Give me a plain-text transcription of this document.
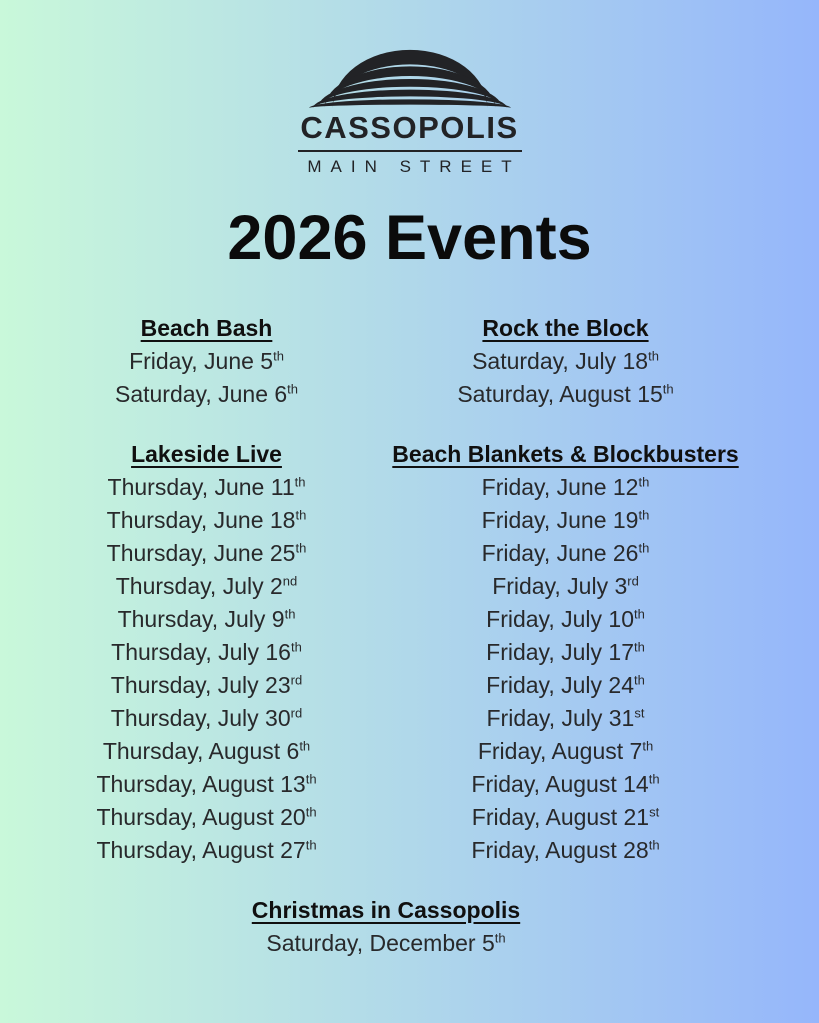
CASSOPOLIS
MAIN STREET
2026 Events
Beach Bash

Friday, June 5th

Saturday, June 6th

Rock the Block

Saturday, July 18th

Saturday, August 15th

Lakeside Live

Thursday, June 11th

Thursday, June 18th

Thursday, June 25th

Thursday, July 2nd

Thursday, July 9th

Thursday, July 16th

Thursday, July 23rd

Thursday, July 30rd

Thursday, August 6th

Thursday, August 13th

Thursday, August 20th

Thursday, August 27th

Beach Blankets & Blockbusters

Friday, June 12th

Friday, June 19th

Friday, June 26th

Friday, July 3rd

Friday, July 10th

Friday, July 17th

Friday, July 24th

Friday, July 31st

Friday, August 7th

Friday, August 14th

Friday, August 21st

Friday, August 28th

Christmas in Cassopolis

Saturday, December 5th
